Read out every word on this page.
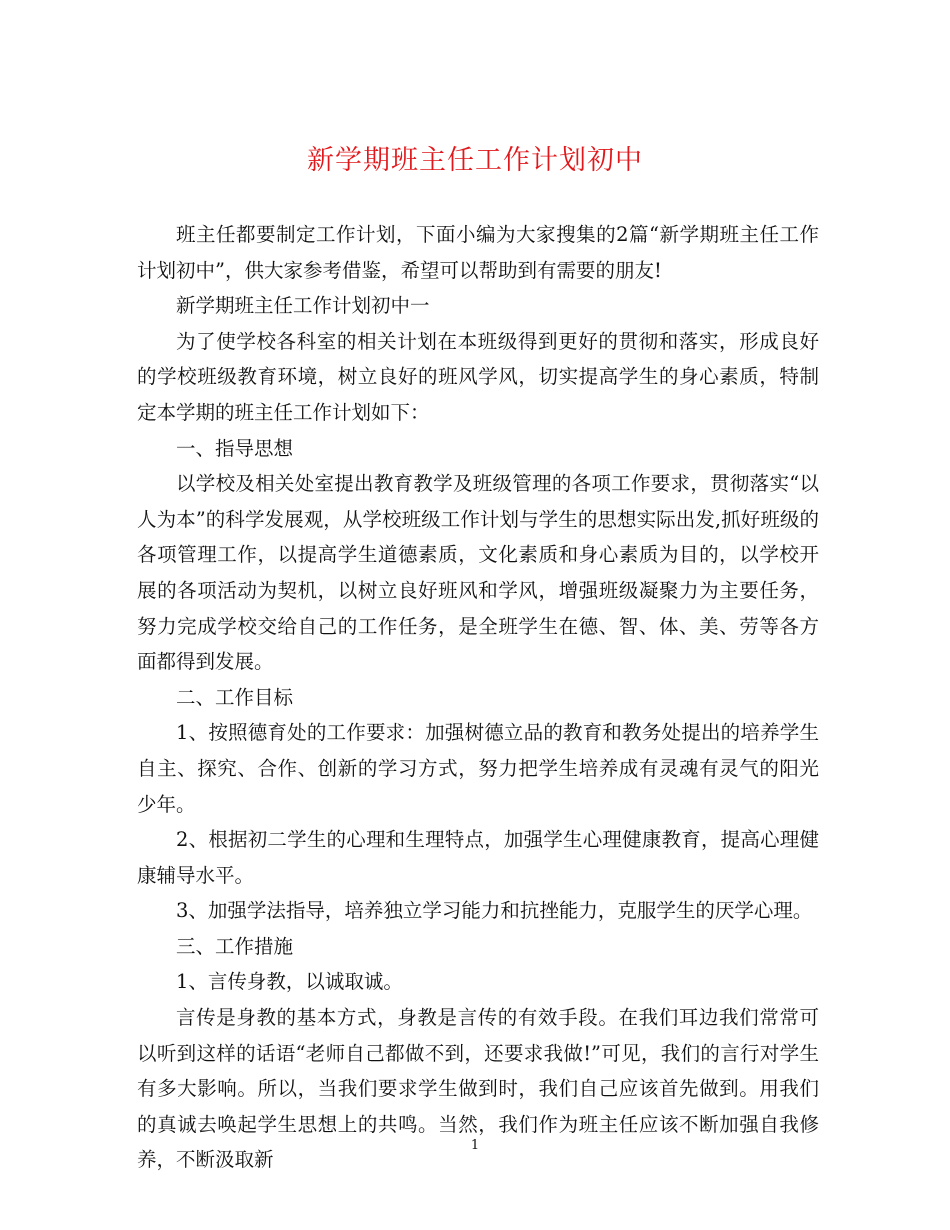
新学期班主任工作计划初中

班主任都要制定工作计划，下面小编为大家搜集的2篇“新学期班主任工作计划初中”，供大家参考借鉴，希望可以帮助到有需要的朋友!

新学期班主任工作计划初中一

为了使学校各科室的相关计划在本班级得到更好的贯彻和落实，形成良好的学校班级教育环境，树立良好的班风学风，切实提高学生的身心素质，特制定本学期的班主任工作计划如下：

一、指导思想

以学校及相关处室提出教育教学及班级管理的各项工作要求，贯彻落实“以人为本”的科学发展观，从学校班级工作计划与学生的思想实际出发,抓好班级的各项管理工作，以提高学生道德素质，文化素质和身心素质为目的，以学校开展的各项活动为契机，以树立良好班风和学风，增强班级凝聚力为主要任务，努力完成学校交给自己的工作任务，是全班学生在德、智、体、美、劳等各方面都得到发展。

二、工作目标

1、按照德育处的工作要求：加强树德立品的教育和教务处提出的培养学生自主、探究、合作、创新的学习方式，努力把学生培养成有灵魂有灵气的阳光少年。

2、根据初二学生的心理和生理特点，加强学生心理健康教育，提高心理健康辅导水平。

3、加强学法指导，培养独立学习能力和抗挫能力，克服学生的厌学心理。

三、工作措施

1、言传身教，以诚取诚。

言传是身教的基本方式，身教是言传的有效手段。在我们耳边我们常常可以听到这样的话语“老师自己都做不到，还要求我做!”可见，我们的言行对学生有多大影响。所以，当我们要求学生做到时，我们自己应该首先做到。用我们的真诚去唤起学生思想上的共鸣。当然，我们作为班主任应该不断加强自我修养，不断汲取新

1
